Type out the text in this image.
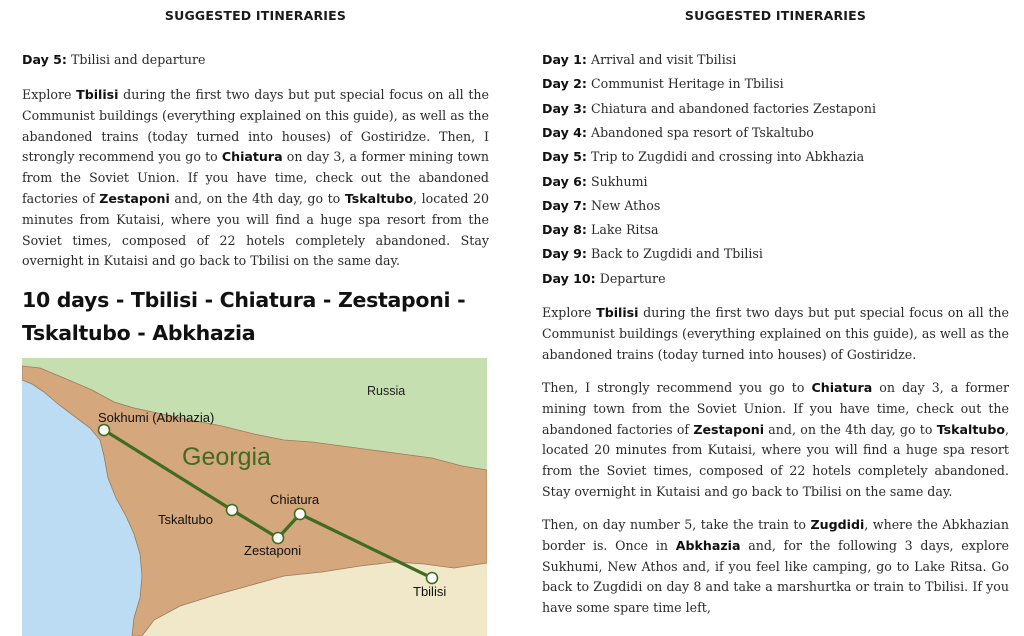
SUGGESTED ITINERARIES
Day 5: Tbilisi and departure

Explore Tbilisi during the first two days but put special focus on all the Communist buildings (everything explained on this guide), as well as the abandoned trains (today turned into houses) of Gostiridze. Then, I strongly recommend you go to Chiatura on day 3, a former mining town from the Soviet Union. If you have time, check out the abandoned factories of Zestaponi and, on the 4th day, go to Tskaltubo, located 20 minutes from Kutaisi, where you will find a huge spa resort from the Soviet times, composed of 22 hotels completely abandoned. Stay overnight in Kutaisi and go back to Tbilisi on the same day.

10 days - Tbilisi - Chiatura - Zestaponi - Tskaltubo - Abkhazia
Russia
Georgia
Sokhumi (Abkhazia)
Tskaltubo
Chiatura
Zestaponi
Tbilisi
SUGGESTED ITINERARIES
Day 1: Arrival and visit Tbilisi
Day 2: Communist Heritage in Tbilisi
Day 3: Chiatura and abandoned factories Zestaponi
Day 4: Abandoned spa resort of Tskaltubo
Day 5: Trip to Zugdidi and crossing into Abkhazia
Day 6: Sukhumi
Day 7: New Athos
Day 8: Lake Ritsa
Day 9: Back to Zugdidi and Tbilisi
Day 10: Departure

Explore Tbilisi during the first two days but put special focus on all the Communist buildings (everything explained on this guide), as well as the abandoned trains (today turned into houses) of Gostiridze.

Then, I strongly recommend you go to Chiatura on day 3, a former mining town from the Soviet Union. If you have time, check out the abandoned factories of Zestaponi and, on the 4th day, go to Tskaltubo, located 20 minutes from Kutaisi, where you will find a huge spa resort from the Soviet times, composed of 22 hotels completely abandoned. Stay overnight in Kutaisi and go back to Tbilisi on the same day.

Then, on day number 5, take the train to Zugdidi, where the Abkhazian border is. Once in Abkhazia and, for the following 3 days, explore Sukhumi, New Athos and, if you feel like camping, go to Lake Ritsa. Go back to Zugdidi on day 8 and take a marshurtka or train to Tbilisi. If you have some spare time left,
